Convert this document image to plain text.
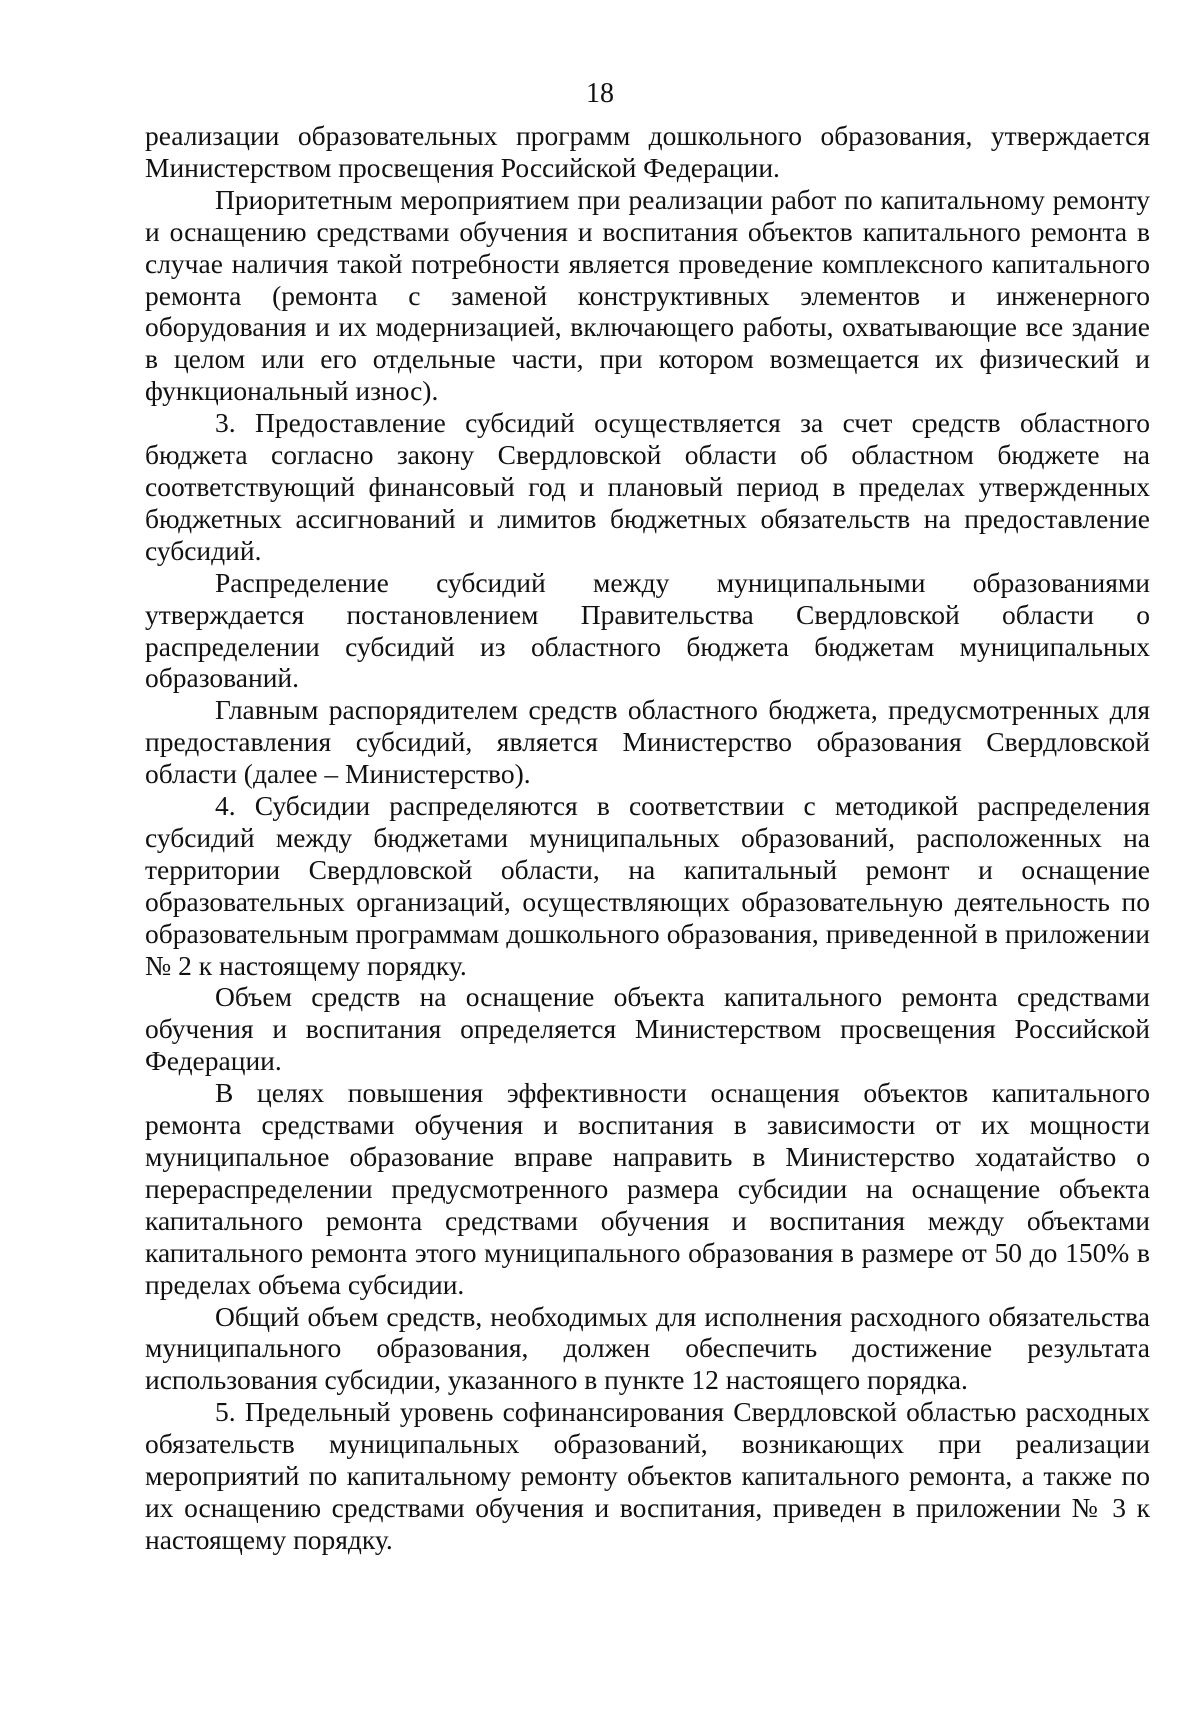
18

реализации образовательных программ дошкольного образования, утверждается Министерством просвещения Российской Федерации.

Приоритетным мероприятием при реализации работ по капитальному ремонту и оснащению средствами обучения и воспитания объектов капитального ремонта в случае наличия такой потребности является проведение комплексного капитального ремонта (ремонта с заменой конструктивных элементов и инженерного оборудования и их модернизацией, включающего работы, охватывающие все здание в целом или его отдельные части, при котором возмещается их физический и функциональный износ).

3. Предоставление субсидий осуществляется за счет средств областного бюджета согласно закону Свердловской области об областном бюджете на соответствующий финансовый год и плановый период в пределах утвержденных бюджетных ассигнований и лимитов бюджетных обязательств на предоставление субсидий.

Распределение субсидий между муниципальными образованиями утверждается постановлением Правительства Свердловской области о распределении субсидий из областного бюджета бюджетам муниципальных образований.

Главным распорядителем средств областного бюджета, предусмотренных для предоставления субсидий, является Министерство образования Свердловской области (далее – Министерство).

4. Субсидии распределяются в соответствии с методикой распределения субсидий между бюджетами муниципальных образований, расположенных на территории Свердловской области, на капитальный ремонт и оснащение образовательных организаций, осуществляющих образовательную деятельность по образовательным программам дошкольного образования, приведенной в приложении № 2 к настоящему порядку.

Объем средств на оснащение объекта капитального ремонта средствами обучения и воспитания определяется Министерством просвещения Российской Федерации.

В целях повышения эффективности оснащения объектов капитального ремонта средствами обучения и воспитания в зависимости от их мощности муниципальное образование вправе направить в Министерство ходатайство о перераспределении предусмотренного размера субсидии на оснащение объекта капитального ремонта средствами обучения и воспитания между объектами капитального ремонта этого муниципального образования в размере от 50 до 150% в пределах объема субсидии.

Общий объем средств, необходимых для исполнения расходного обязательства муниципального образования, должен обеспечить достижение результата использования субсидии, указанного в пункте 12 настоящего порядка.

5. Предельный уровень софинансирования Свердловской областью расходных обязательств муниципальных образований, возникающих при реализации мероприятий по капитальному ремонту объектов капитального ремонта, а также по их оснащению средствами обучения и воспитания, приведен в приложении № 3 к настоящему порядку.
